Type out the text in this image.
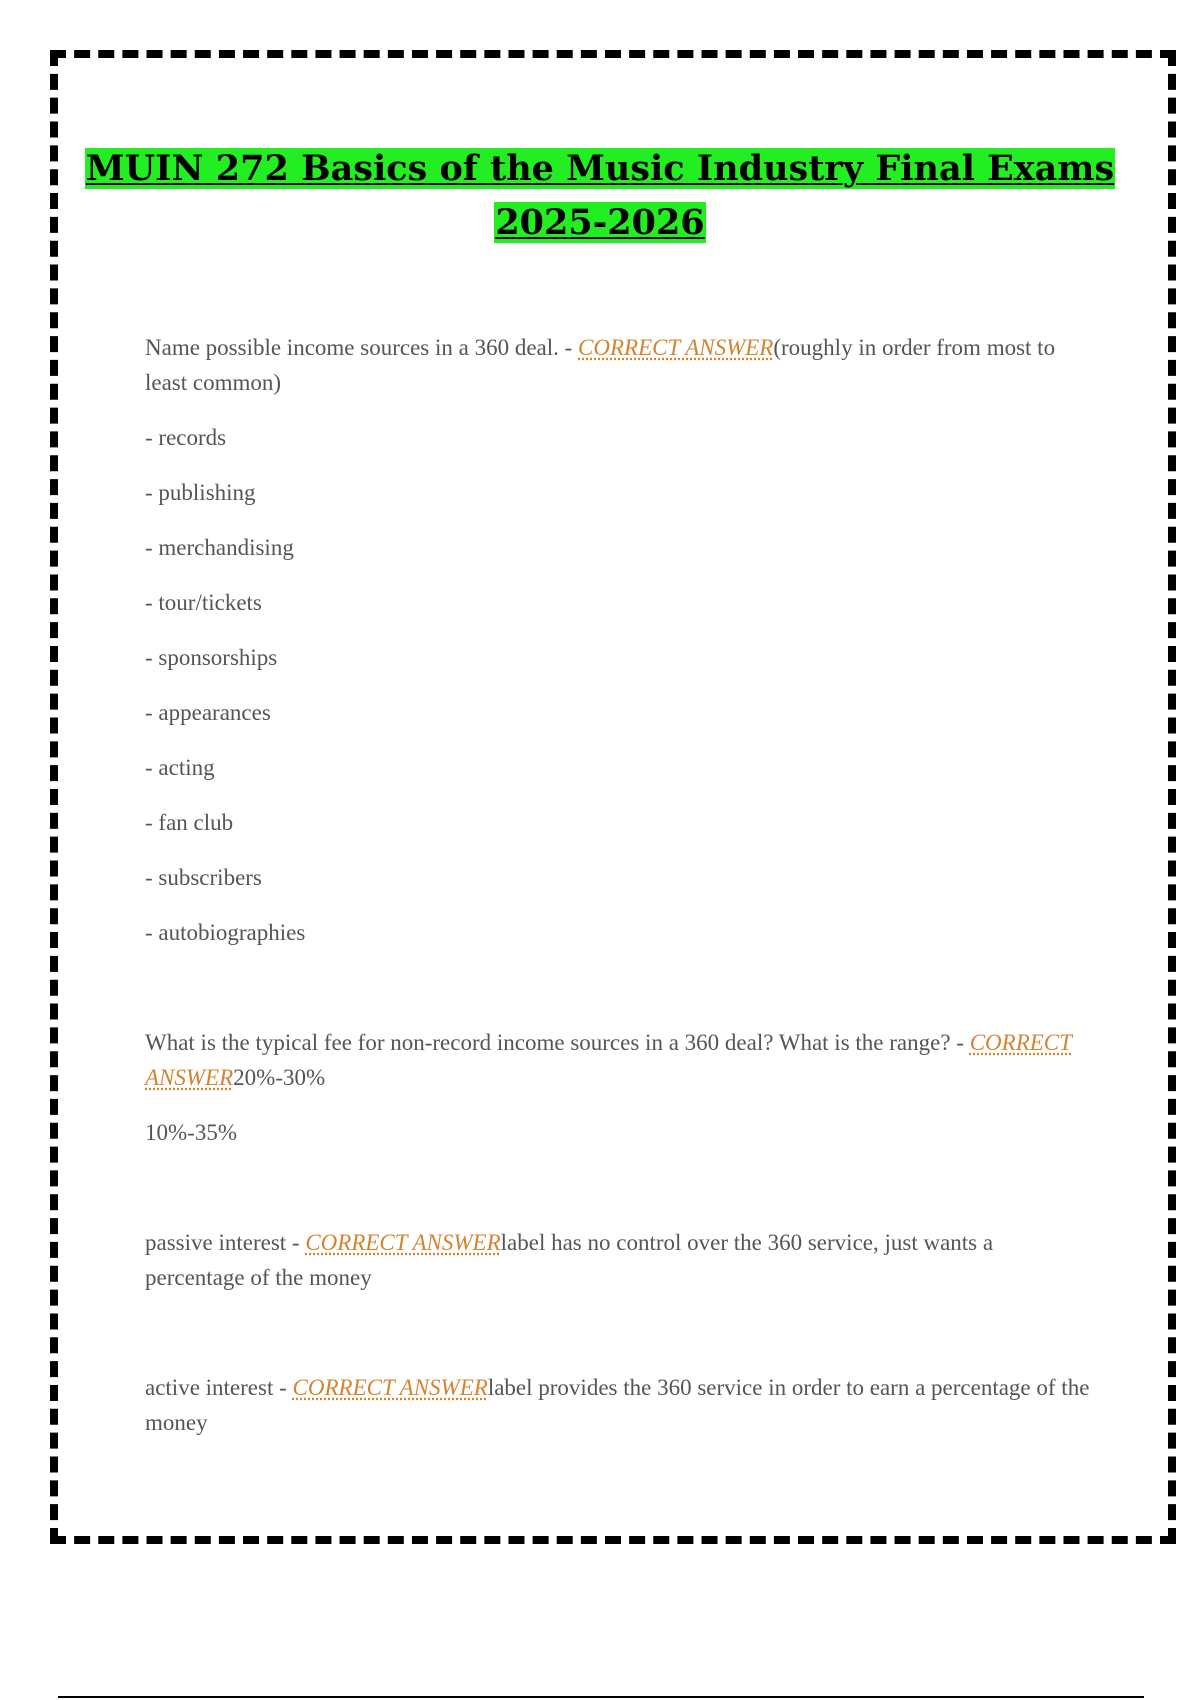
MUIN 272 Basics of the Music Industry Final Exams
2025-2026

Name possible income sources in a 360 deal. - CORRECT ANSWER(roughly in order from most to least common)

- records

- publishing

- merchandising

- tour/tickets

- sponsorships

- appearances

- acting

- fan club

- subscribers

- autobiographies

What is the typical fee for non-record income sources in a 360 deal? What is the range? - CORRECT ANSWER20%-30%

10%-35%

passive interest - CORRECT ANSWERlabel has no control over the 360 service, just wants a percentage of the money

active interest - CORRECT ANSWERlabel provides the 360 service in order to earn a percentage of the money
